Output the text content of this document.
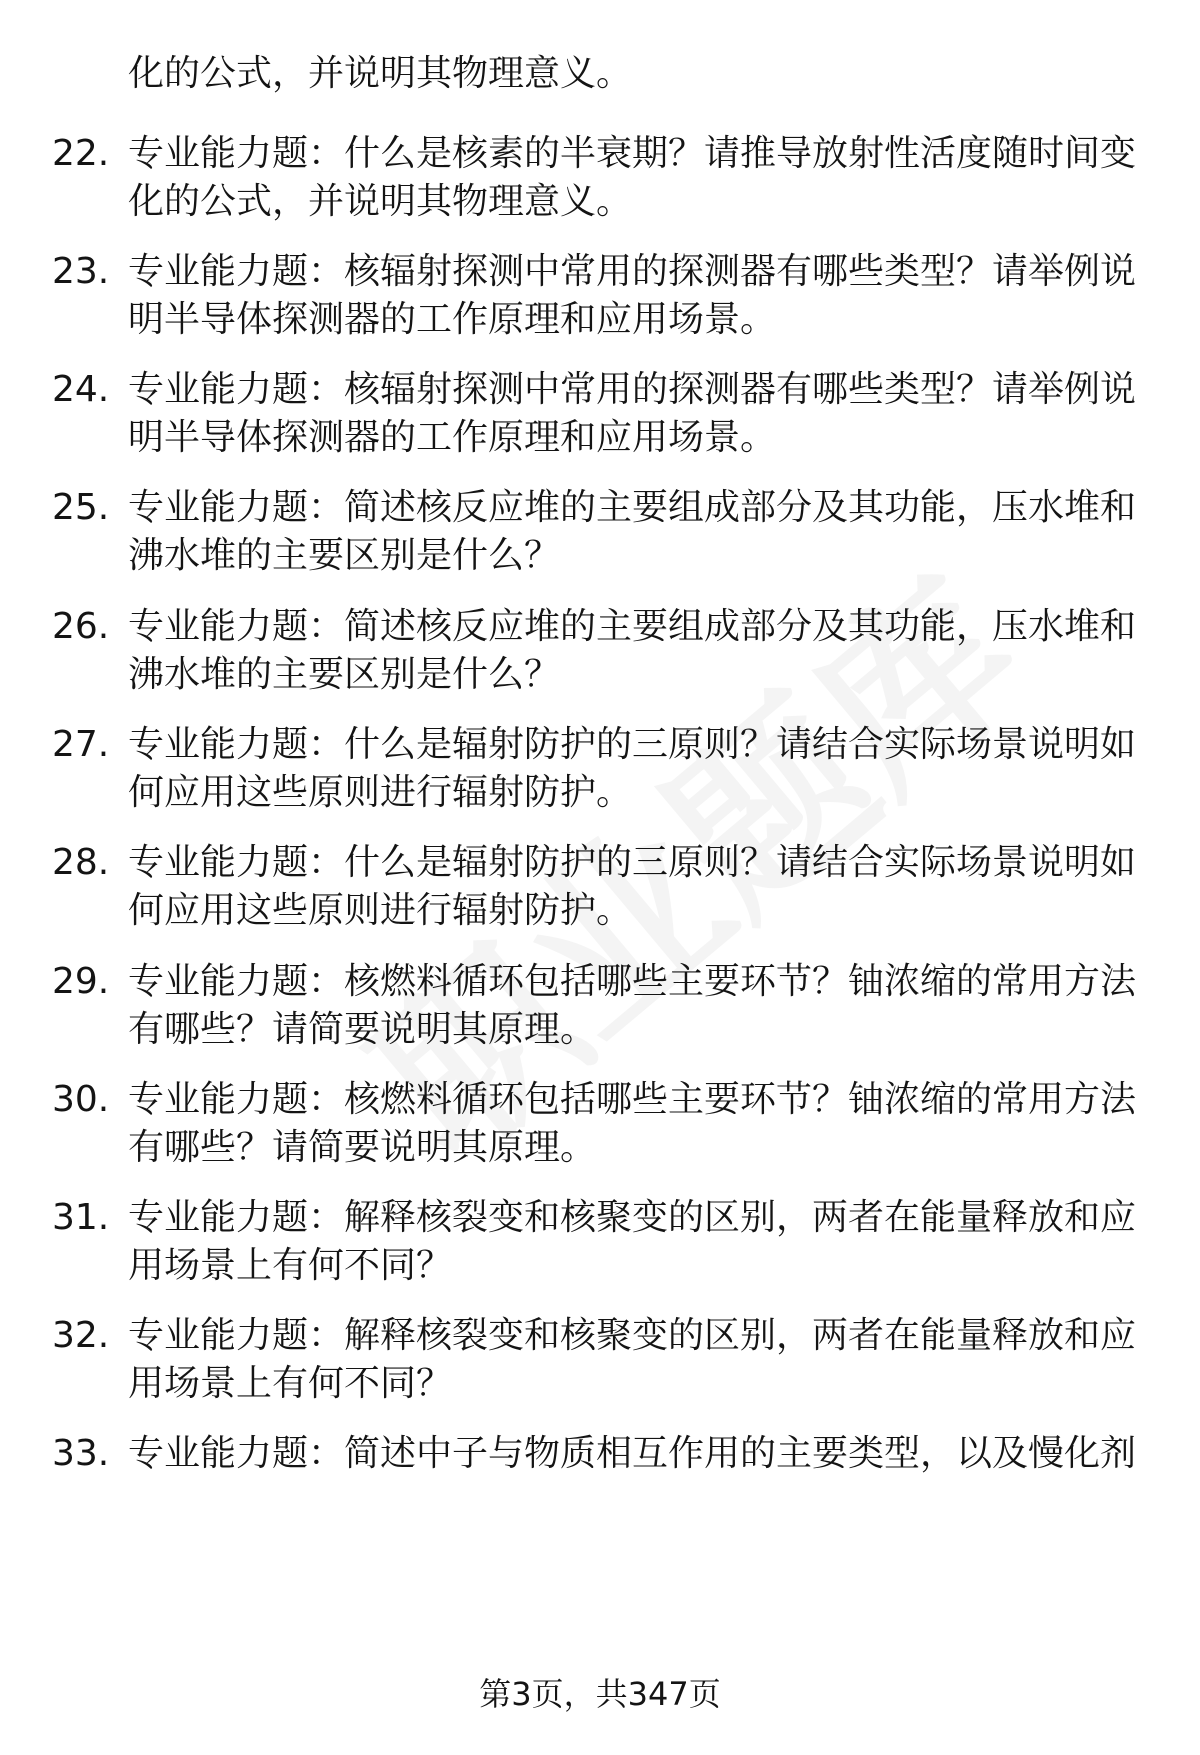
化的公式，并说明其物理意义。
22. 专业能力题：什么是核素的半衰期？请推导放射性活度随时间变
化的公式，并说明其物理意义。
23. 专业能力题：核辐射探测中常用的探测器有哪些类型？请举例说
明半导体探测器的工作原理和应用场景。
24. 专业能力题：核辐射探测中常用的探测器有哪些类型？请举例说
明半导体探测器的工作原理和应用场景。
25. 专业能力题：简述核反应堆的主要组成部分及其功能，压水堆和
沸水堆的主要区别是什么？
26. 专业能力题：简述核反应堆的主要组成部分及其功能，压水堆和
沸水堆的主要区别是什么？
27. 专业能力题：什么是辐射防护的三原则？请结合实际场景说明如
何应用这些原则进行辐射防护。
28. 专业能力题：什么是辐射防护的三原则？请结合实际场景说明如
何应用这些原则进行辐射防护。
29. 专业能力题：核燃料循环包括哪些主要环节？铀浓缩的常用方法
有哪些？请简要说明其原理。
30. 专业能力题：核燃料循环包括哪些主要环节？铀浓缩的常用方法
有哪些？请简要说明其原理。
31. 专业能力题：解释核裂变和核聚变的区别，两者在能量释放和应
用场景上有何不同？
32. 专业能力题：解释核裂变和核聚变的区别，两者在能量释放和应
用场景上有何不同？
33. 专业能力题：简述中子与物质相互作用的主要类型，以及慢化剂
第3页，共347页
